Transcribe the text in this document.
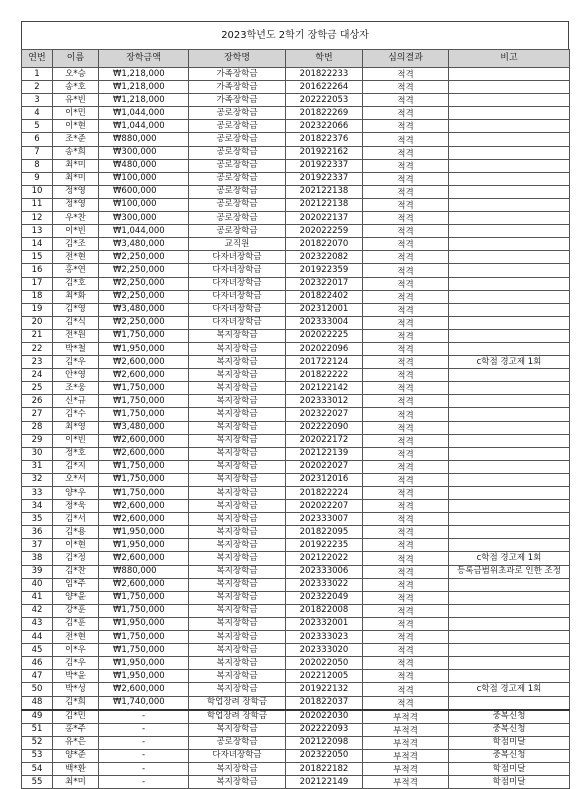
2023학년도 2학기 장학금 대상자
연번	이름	장학금액	장학명	학번	심의결과	비고
1	오*승	₩1,218,000	가족장학금	201822233	적격	
2	송*호	₩1,218,000	가족장학금	201622264	적격	
3	유*빈	₩1,218,000	가족장학금	202222053	적격	
4	이*민	₩1,044,000	공로장학금	201822269	적격	
5	이*현	₩1,044,000	공로장학금	202322066	적격	
6	조*준	₩880,000	공로장학금	201822376	적격	
7	송*희	₩300,000	공로장학금	201922162	적격	
8	최*미	₩480,000	공로장학금	201922337	적격	
9	최*미	₩100,000	공로장학금	201922337	적격	
10	정*영	₩600,000	공로장학금	202122138	적격	
11	정*영	₩100,000	공로장학금	202122138	적격	
12	우*찬	₩300,000	공로장학금	202022137	적격	
13	이*빈	₩1,044,000	공로장학금	202022259	적격	
14	김*조	₩3,480,000	교직원	201822070	적격	
15	전*현	₩2,250,000	다자녀장학금	202322082	적격	
16	홍*연	₩2,250,000	다자녀장학금	201922359	적격	
17	김*호	₩2,250,000	다자녀장학금	202322017	적격	
18	최*화	₩2,250,000	다자녀장학금	201822402	적격	
19	김*영	₩3,480,000	다자녀장학금	202312001	적격	
20	김*식	₩2,250,000	다자녀장학금	202333004	적격	
21	전*원	₩1,750,000	복지장학금	202022225	적격	
22	박*철	₩1,950,000	복지장학금	202022096	적격	
23	김*우	₩2,600,000	복지장학금	201722124	적격	c학점 경고제 1회
24	안*영	₩2,600,000	복지장학금	201822222	적격	
25	조*웅	₩1,750,000	복지장학금	202122142	적격	
26	신*규	₩1,750,000	복지장학금	202333012	적격	
27	김*수	₩1,750,000	복지장학금	202322027	적격	
28	최*영	₩3,480,000	복지장학금	202222090	적격	
29	이*빈	₩2,600,000	복지장학금	202022172	적격	
30	정*호	₩2,600,000	복지장학금	202122139	적격	
31	김*지	₩1,750,000	복지장학금	202022027	적격	
32	오*서	₩1,750,000	복지장학금	202312016	적격	
33	양*우	₩1,750,000	복지장학금	201822224	적격	
34	정*욱	₩2,600,000	복지장학금	202022207	적격	
35	김*서	₩2,600,000	복지장학금	202333007	적격	
36	김*용	₩1,950,000	복지장학금	201822095	적격	
37	이*현	₩1,950,000	복지장학금	201922235	적격	
38	김*정	₩2,600,000	복지장학금	202122022	적격	c학점 경고제 1회
39	김*찬	₩880,000	복지장학금	202333006	적격	등록금범위초과로 인한 조정
40	임*주	₩2,600,000	복지장학금	202333022	적격	
41	양*윤	₩1,750,000	복지장학금	202322049	적격	
42	강*훈	₩1,750,000	복지장학금	201822008	적격	
43	김*훈	₩1,950,000	복지장학금	202332001	적격	
44	전*현	₩1,750,000	복지장학금	202333023	적격	
45	이*우	₩1,750,000	복지장학금	202333020	적격	
46	김*우	₩1,950,000	복지장학금	202022050	적격	
47	박*윤	₩1,950,000	복지장학금	202212005	적격	
50	박*성	₩2,600,000	복지장학금	201922132	적격	c학점 경고제 1회
48	김*희	₩1,740,000	학업장려 장학금	201822037	적격	
49	김*민	-	학업장려 장학금	202022030	부적격	중복신청
51	홍*주	-	복지장학금	202222093	부적격	중복신청
52	유*은	-	공로장학금	202122098	부적격	학점미달
53	양*준	-	다자녀장학금	202322050	부적격	중복신청
54	백*환	-	복지장학금	201822182	부적격	학점미달
55	최*미	-	복지장학금	202122149	부적격	학점미달
